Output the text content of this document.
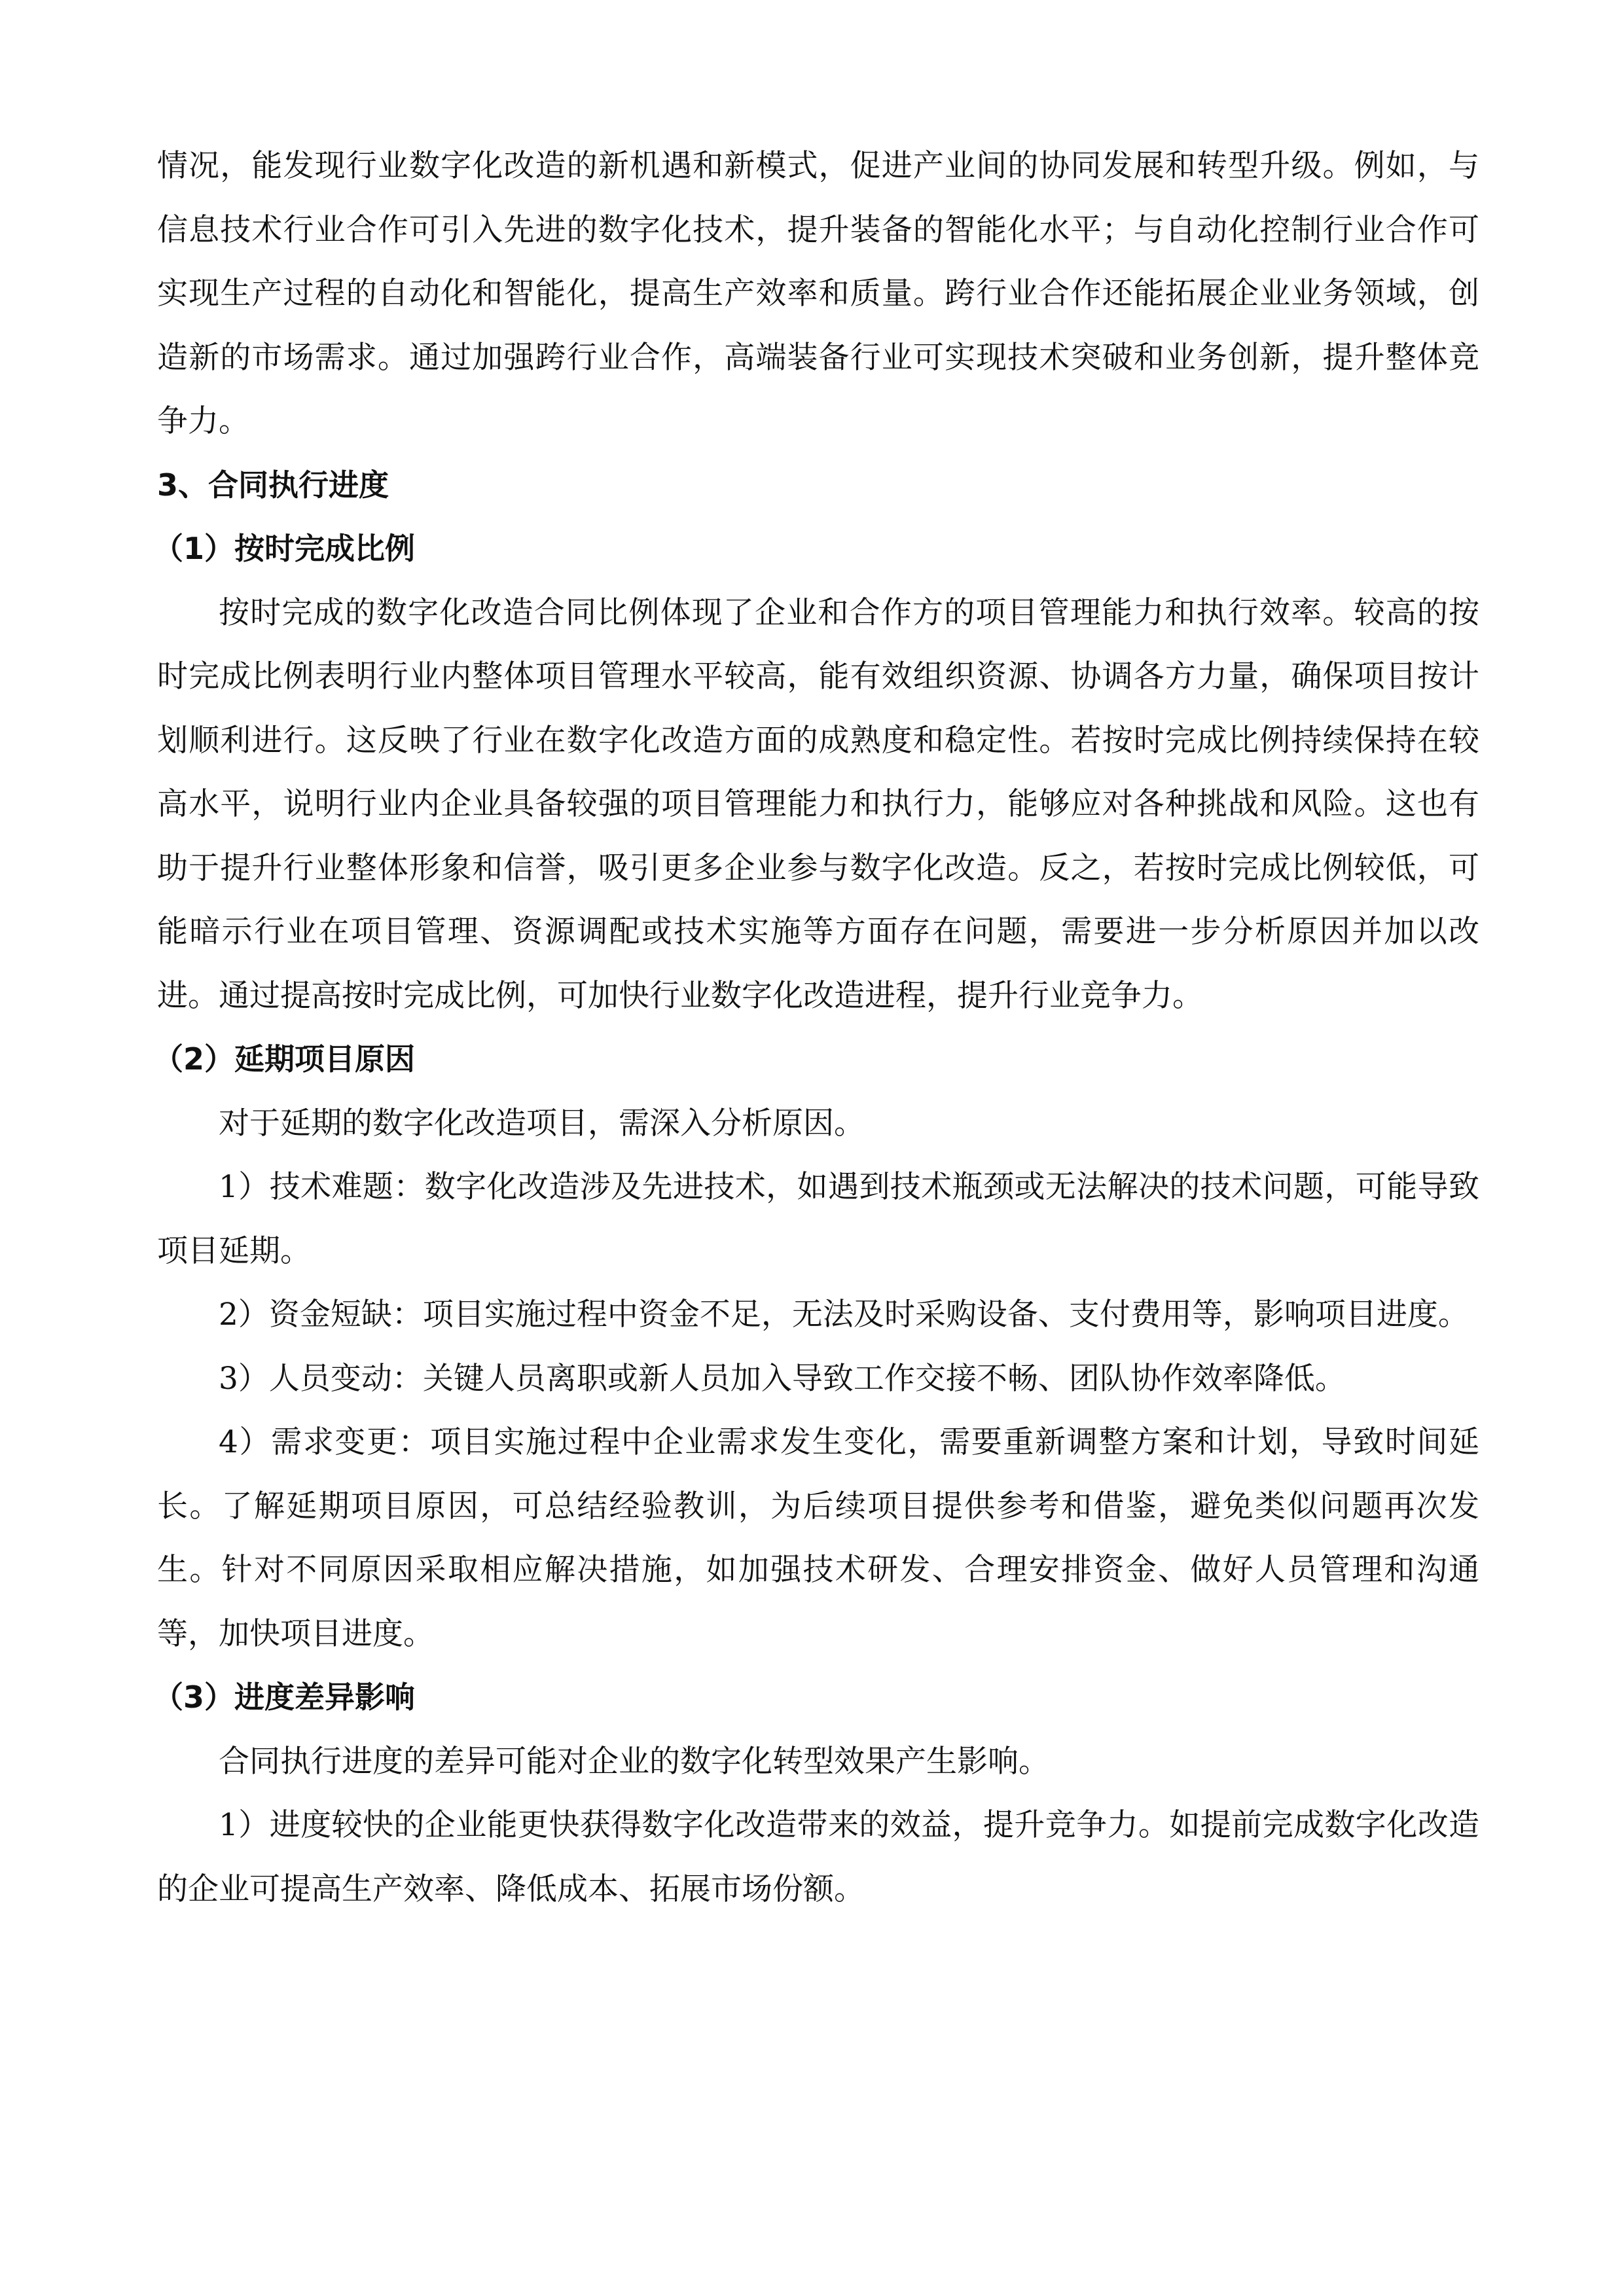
情况，能发现行业数字化改造的新机遇和新模式，促进产业间的协同发展和转型升级。例如，与信息技术行业合作可引入先进的数字化技术，提升装备的智能化水平；与自动化控制行业合作可实现生产过程的自动化和智能化，提高生产效率和质量。跨行业合作还能拓展企业业务领域，创造新的市场需求。通过加强跨行业合作，高端装备行业可实现技术突破和业务创新，提升整体竞争力。

3、合同执行进度

（1）按时完成比例

按时完成的数字化改造合同比例体现了企业和合作方的项目管理能力和执行效率。较高的按时完成比例表明行业内整体项目管理水平较高，能有效组织资源、协调各方力量，确保项目按计划顺利进行。这反映了行业在数字化改造方面的成熟度和稳定性。若按时完成比例持续保持在较高水平，说明行业内企业具备较强的项目管理能力和执行力，能够应对各种挑战和风险。这也有助于提升行业整体形象和信誉，吸引更多企业参与数字化改造。反之，若按时完成比例较低，可能暗示行业在项目管理、资源调配或技术实施等方面存在问题，需要进一步分析原因并加以改进。通过提高按时完成比例，可加快行业数字化改造进程，提升行业竞争力。

（2）延期项目原因

对于延期的数字化改造项目，需深入分析原因。

1）技术难题：数字化改造涉及先进技术，如遇到技术瓶颈或无法解决的技术问题，可能导致项目延期。

2）资金短缺：项目实施过程中资金不足，无法及时采购设备、支付费用等，影响项目进度。

3）人员变动：关键人员离职或新人员加入导致工作交接不畅、团队协作效率降低。

4）需求变更：项目实施过程中企业需求发生变化，需要重新调整方案和计划，导致时间延长。了解延期项目原因，可总结经验教训，为后续项目提供参考和借鉴，避免类似问题再次发生。针对不同原因采取相应解决措施，如加强技术研发、合理安排资金、做好人员管理和沟通等，加快项目进度。

（3）进度差异影响

合同执行进度的差异可能对企业的数字化转型效果产生影响。

1）进度较快的企业能更快获得数字化改造带来的效益，提升竞争力。如提前完成数字化改造的企业可提高生产效率、降低成本、拓展市场份额。
